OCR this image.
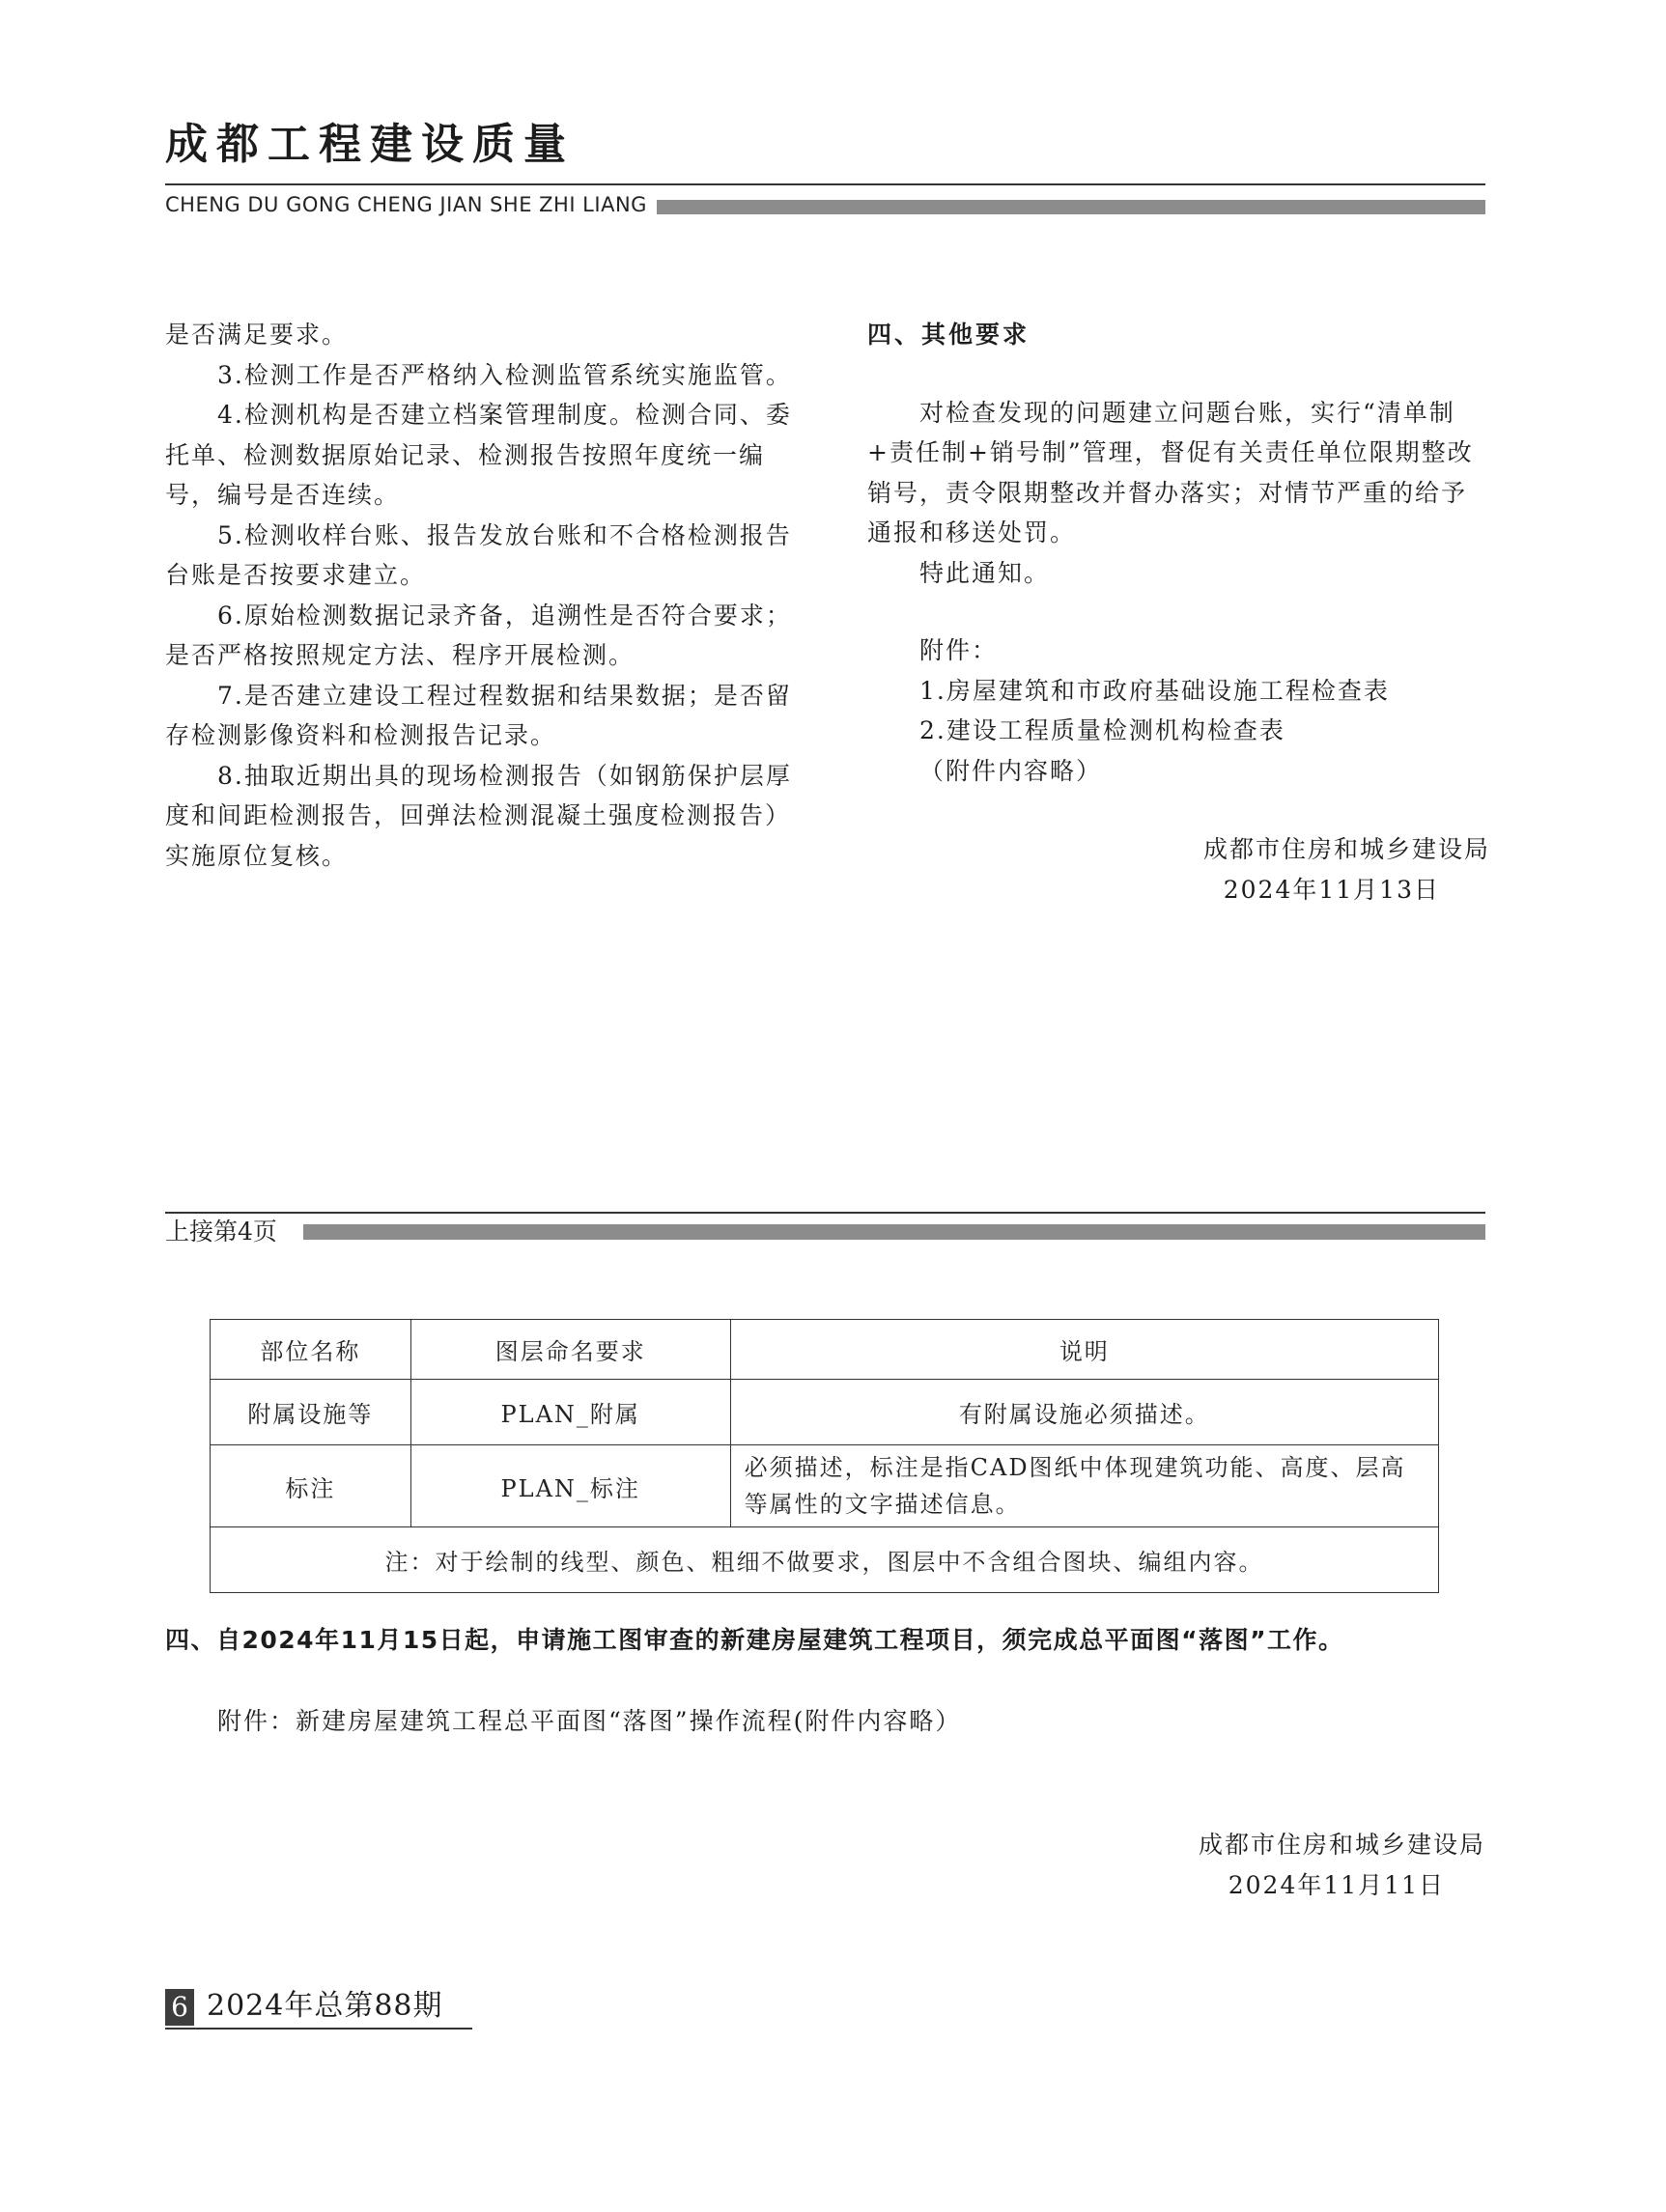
成都工程建设质量
CHENG DU GONG CHENG JIAN SHE ZHI LIANG

是否满足要求。

3.检测工作是否严格纳入检测监管系统实施监管。

4.检测机构是否建立档案管理制度。检测合同、委托单、检测数据原始记录、检测报告按照年度统一编号，编号是否连续。

5.检测收样台账、报告发放台账和不合格检测报告台账是否按要求建立。

6.原始检测数据记录齐备，追溯性是否符合要求；是否严格按照规定方法、程序开展检测。

7.是否建立建设工程过程数据和结果数据；是否留存检测影像资料和检测报告记录。

8.抽取近期出具的现场检测报告（如钢筋保护层厚度和间距检测报告，回弹法检测混凝土强度检测报告）实施原位复核。

四、其他要求

对检查发现的问题建立问题台账，实行“清单制+责任制+销号制”管理，督促有关责任单位限期整改销号，责令限期整改并督办落实；对情节严重的给予通报和移送处罚。

特此通知。

附件：

1.房屋建筑和市政府基础设施工程检查表

2.建设工程质量检测机构检查表

（附件内容略）

成都市住房和城乡建设局

2024年11月13日

上接第4页
部位名称	图层命名要求	说明
附属设施等	PLAN_附属	有附属设施必须描述。
标注	PLAN_标注	必须描述，标注是指CAD图纸中体现建筑功能、高度、层高等属性的文字描述信息。
注：对于绘制的线型、颜色、粗细不做要求，图层中不含组合图块、编组内容。		
四、自2024年11月15日起，申请施工图审查的新建房屋建筑工程项目，须完成总平面图“落图”工作。
附件：新建房屋建筑工程总平面图“落图”操作流程(附件内容略）
成都市住房和城乡建设局
2024年11月11日
6 2024年总第88期
